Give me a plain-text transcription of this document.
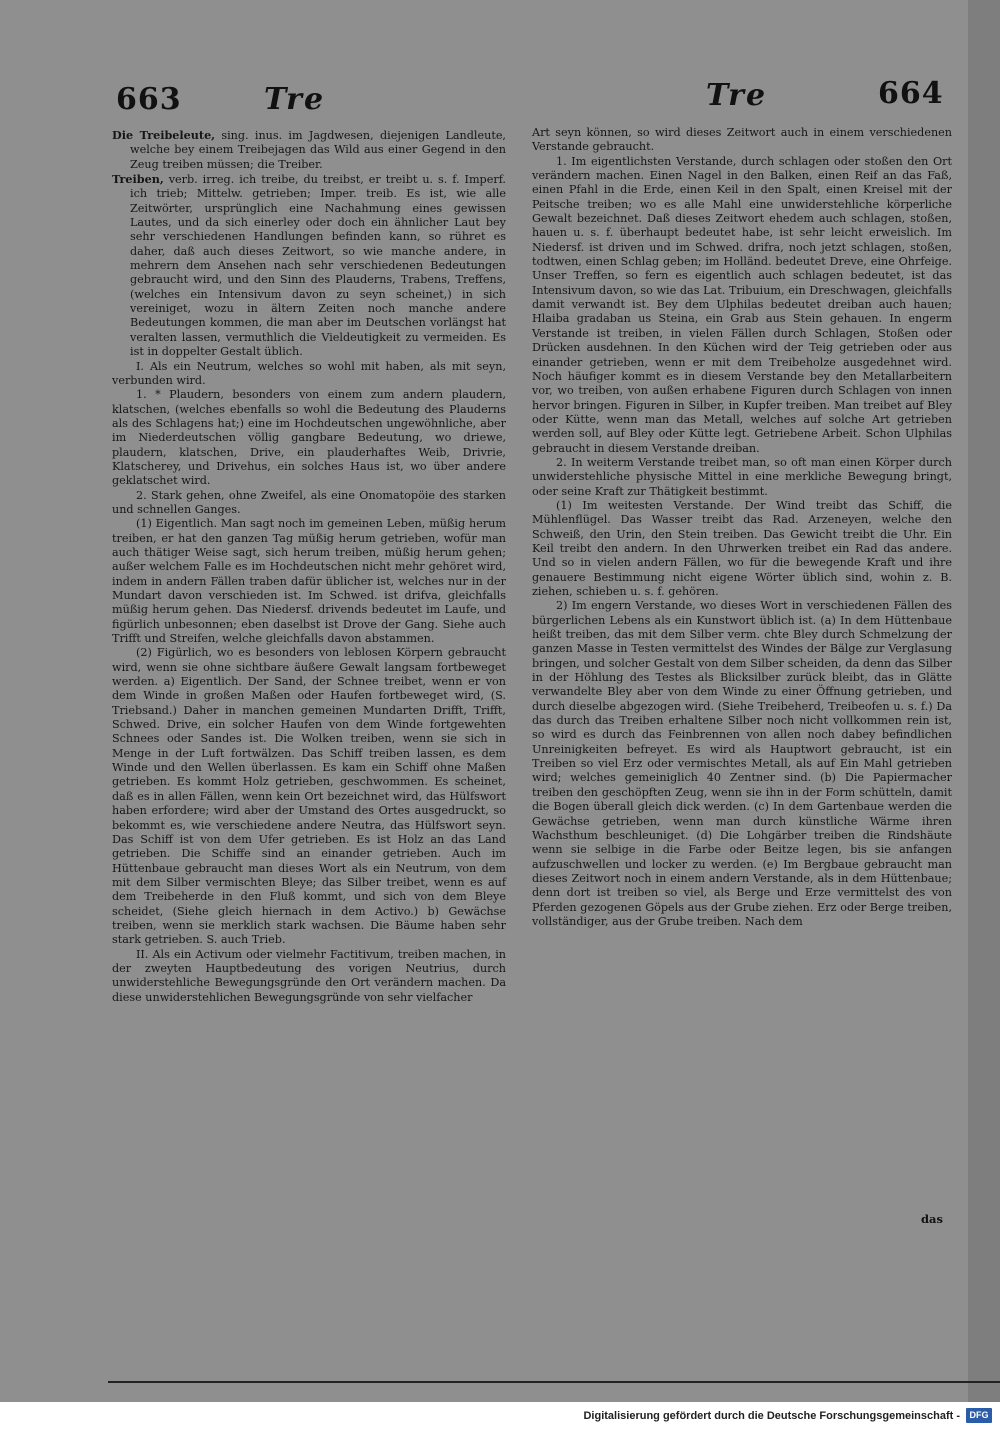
663	Tre	Tre	664

Die Treibeleute, sing. inus. im Jagdwesen, diejenigen Landleute, welche bey einem Treibejagen das Wild aus einer Gegend in den Zeug treiben müssen; die Treiber.

Treiben, verb. irreg. ich treibe, du treibst, er treibt u. s. f. Imperf. ich trieb; Mittelw. getrieben; Imper. treib. Es ist, wie alle Zeitwörter, ursprünglich eine Nachahmung eines gewissen Lautes, und da sich einerley oder doch ein ähnlicher Laut bey sehr verschiedenen Handlungen befinden kann, so rühret es daher, daß auch dieses Zeitwort, so wie manche andere, in mehrern dem Ansehen nach sehr verschiedenen Bedeutungen gebraucht wird, und den Sinn des Plauderns, Trabens, Treffens, (welches ein Intensivum davon zu seyn scheinet,) in sich vereiniget, wozu in ältern Zeiten noch manche andere Bedeutungen kommen, die man aber im Deutschen vorlängst hat veralten lassen, vermuthlich die Vieldeutigkeit zu vermeiden. Es ist in doppelter Gestalt üblich.

I. Als ein Neutrum, welches so wohl mit haben, als mit seyn, verbunden wird.

1. * Plaudern, besonders von einem zum andern plaudern, klatschen, (welches ebenfalls so wohl die Bedeutung des Plauderns als des Schlagens hat;) eine im Hochdeutschen ungewöhnliche, aber im Niederdeutschen völlig gangbare Bedeutung, wo driewe, plaudern, klatschen, Drive, ein plauderhaftes Weib, Drivrie, Klatscherey, und Drivehus, ein solches Haus ist, wo über andere geklatschet wird.

2. Stark gehen, ohne Zweifel, als eine Onomatopöie des starken und schnellen Ganges.

(1) Eigentlich. Man sagt noch im gemeinen Leben, müßig herum treiben, er hat den ganzen Tag müßig herum getrieben, wofür man auch thätiger Weise sagt, sich herum treiben, müßig herum gehen; außer welchem Falle es im Hochdeutschen nicht mehr gehöret wird, indem in andern Fällen traben dafür üblicher ist, welches nur in der Mundart davon verschieden ist. Im Schwed. ist drifva, gleichfalls müßig herum gehen. Das Niedersf. drivends bedeutet im Laufe, und figürlich unbesonnen; eben daselbst ist Drove der Gang. Siehe auch Trifft und Streifen, welche gleichfalls davon abstammen.

(2) Figürlich, wo es besonders von leblosen Körpern gebraucht wird, wenn sie ohne sichtbare äußere Gewalt langsam fortbeweget werden. a) Eigentlich. Der Sand, der Schnee treibet, wenn er von dem Winde in großen Maßen oder Haufen fortbeweget wird, (S. Triebsand.) Daher in manchen gemeinen Mundarten Drifft, Trifft, Schwed. Drive, ein solcher Haufen von dem Winde fortgewehten Schnees oder Sandes ist. Die Wolken treiben, wenn sie sich in Menge in der Luft fortwälzen. Das Schiff treiben lassen, es dem Winde und den Wellen überlassen. Es kam ein Schiff ohne Maßen getrieben. Es kommt Holz getrieben, geschwommen. Es scheinet, daß es in allen Fällen, wenn kein Ort bezeichnet wird, das Hülfswort haben erfordere; wird aber der Umstand des Ortes ausgedruckt, so bekommt es, wie verschiedene andere Neutra, das Hülfswort seyn. Das Schiff ist von dem Ufer getrieben. Es ist Holz an das Land getrieben. Die Schiffe sind an einander getrieben. Auch im Hüttenbaue gebraucht man dieses Wort als ein Neutrum, von dem mit dem Silber vermischten Bleye; das Silber treibet, wenn es auf dem Treibeherde in den Fluß kommt, und sich von dem Bleye scheidet, (Siehe gleich hiernach in dem Activo.) b) Gewächse treiben, wenn sie merklich stark wachsen. Die Bäume haben sehr stark getrieben. S. auch Trieb.

II. Als ein Activum oder vielmehr Factitivum, treiben machen, in der zweyten Hauptbedeutung des vorigen Neutrius, durch unwiderstehliche Bewegungsgründe den Ort verändern machen. Da diese unwiderstehlichen Bewegungsgründe von sehr vielfacher

Art seyn können, so wird dieses Zeitwort auch in einem verschiedenen Verstande gebraucht.

1. Im eigentlichsten Verstande, durch schlagen oder stoßen den Ort verändern machen. Einen Nagel in den Balken, einen Reif an das Faß, einen Pfahl in die Erde, einen Keil in den Spalt, einen Kreisel mit der Peitsche treiben; wo es alle Mahl eine unwiderstehliche körperliche Gewalt bezeichnet. Daß dieses Zeitwort ehedem auch schlagen, stoßen, hauen u. s. f. überhaupt bedeutet habe, ist sehr leicht erweislich. Im Niedersf. ist driven und im Schwed. drifra, noch jetzt schlagen, stoßen, todtwen, einen Schlag geben; im Holländ. bedeutet Dreve, eine Ohrfeige. Unser Treffen, so fern es eigentlich auch schlagen bedeutet, ist das Intensivum davon, so wie das Lat. Tribuium, ein Dreschwagen, gleichfalls damit verwandt ist. Bey dem Ulphilas bedeutet dreiban auch hauen; Hlaiba gradaban us Steina, ein Grab aus Stein gehauen. In engerm Verstande ist treiben, in vielen Fällen durch Schlagen, Stoßen oder Drücken ausdehnen. In den Küchen wird der Teig getrieben oder aus einander getrieben, wenn er mit dem Treibeholze ausgedehnet wird. Noch häufiger kommt es in diesem Verstande bey den Metallarbeitern vor, wo treiben, von außen erhabene Figuren durch Schlagen von innen hervor bringen. Figuren in Silber, in Kupfer treiben. Man treibet auf Bley oder Kütte, wenn man das Metall, welches auf solche Art getrieben werden soll, auf Bley oder Kütte legt. Getriebene Arbeit. Schon Ulphilas gebraucht in diesem Verstande dreiban.

2. In weiterm Verstande treibet man, so oft man einen Körper durch unwiderstehliche physische Mittel in eine merkliche Bewegung bringt, oder seine Kraft zur Thätigkeit bestimmt.

(1) Im weitesten Verstande. Der Wind treibt das Schiff, die Mühlenflügel. Das Wasser treibt das Rad. Arzeneyen, welche den Schweiß, den Urin, den Stein treiben. Das Gewicht treibt die Uhr. Ein Keil treibt den andern. In den Uhrwerken treibet ein Rad das andere. Und so in vielen andern Fällen, wo für die bewegende Kraft und ihre genauere Bestimmung nicht eigene Wörter üblich sind, wohin z. B. ziehen, schieben u. s. f. gehören.

2) Im engern Verstande, wo dieses Wort in verschiedenen Fällen des bürgerlichen Lebens als ein Kunstwort üblich ist. (a) In dem Hüttenbaue heißt treiben, das mit dem Silber verm. chte Bley durch Schmelzung der ganzen Masse in Testen vermittelst des Windes der Bälge zur Verglasung bringen, und solcher Gestalt von dem Silber scheiden, da denn das Silber in der Höhlung des Testes als Blicksilber zurück bleibt, das in Glätte verwandelte Bley aber von dem Winde zu einer Öffnung getrieben, und durch dieselbe abgezogen wird. (Siehe Treibeherd, Treibeofen u. s. f.) Da das durch das Treiben erhaltene Silber noch nicht vollkommen rein ist, so wird es durch das Feinbrennen von allen noch dabey befindlichen Unreinigkeiten befreyet. Es wird als Hauptwort gebraucht, ist ein Treiben so viel Erz oder vermischtes Metall, als auf Ein Mahl getrieben wird; welches gemeiniglich 40 Zentner sind. (b) Die Papiermacher treiben den geschöpften Zeug, wenn sie ihn in der Form schütteln, damit die Bogen überall gleich dick werden. (c) In dem Gartenbaue werden die Gewächse getrieben, wenn man durch künstliche Wärme ihren Wachsthum beschleuniget. (d) Die Lohgärber treiben die Rindshäute wenn sie selbige in die Farbe oder Beitze legen, bis sie anfangen aufzuschwellen und locker zu werden. (e) Im Bergbaue gebraucht man dieses Zeitwort noch in einem andern Verstande, als in dem Hüttenbaue; denn dort ist treiben so viel, als Berge und Erze vermittelst des von Pferden gezogenen Göpels aus der Grube ziehen. Erz oder Berge treiben, vollständiger, aus der Grube treiben. Nach dem

das
Digitalisierung gefördert durch die Deutsche Forschungsgemeinschaft -	DFG
